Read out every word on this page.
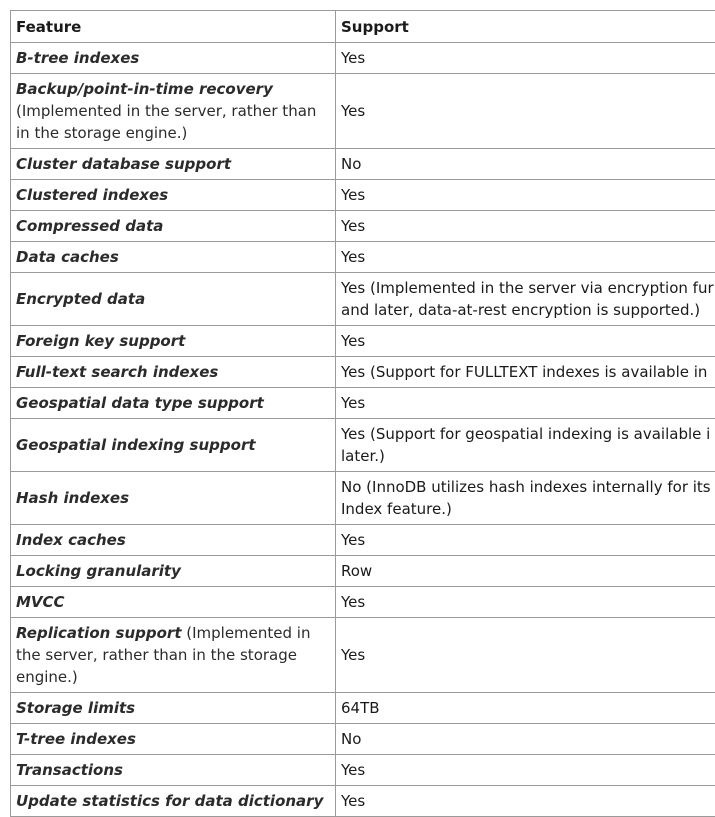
Feature	Support
B-tree indexes	Yes

Backup/point-in-time recovery (Implemented in the server, rather than in the storage engine.)	Yes

Cluster database support	No

Clustered indexes	Yes

Compressed data	Yes

Data caches	Yes

Encrypted data	Yes (Implemented in the server via encryption fur
and later, data-at-rest encryption is supported.)

Foreign key support	Yes

Full-text search indexes	Yes (Support for FULLTEXT indexes is available in

Geospatial data type support	Yes

Geospatial indexing support	Yes (Support for geospatial indexing is available i
later.)

Hash indexes	No (InnoDB utilizes hash indexes internally for its
Index feature.)

Index caches	Yes

Locking granularity	Row

MVCC	Yes

Replication support (Implemented in the server, rather than in the storage engine.)	Yes

Storage limits	64TB

T-tree indexes	No

Transactions	Yes

Update statistics for data dictionary	Yes
